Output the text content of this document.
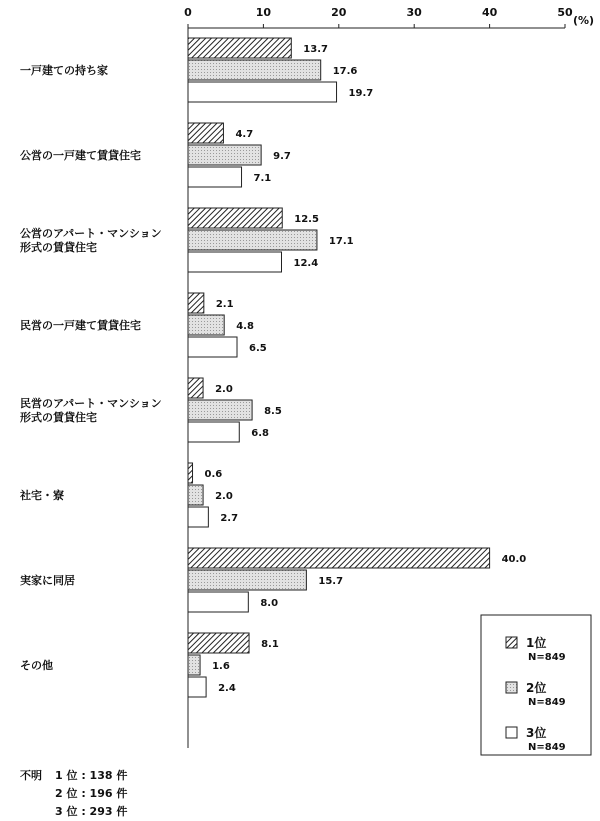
0	10	20	30	40	50
(%)
一戸建ての持ち家
13.7
17.6
19.7
公営の一戸建て賃貸住宅
4.7
9.7
7.1
公営のアパート・マンション
形式の賃貸住宅
12.5
17.1
12.4
民営の一戸建て賃貸住宅
2.1
4.8
6.5
民営のアパート・マンション
形式の賃貸住宅
2.0
8.5
6.8
社宅・寮
0.6
2.0
2.7
実家に同居
40.0
15.7
8.0
その他
8.1
1.6
2.4
1位
N=849
2位
N=849
3位
N=849
不明 1 位 : 138 件
2 位 : 196 件
3 位 : 293 件
